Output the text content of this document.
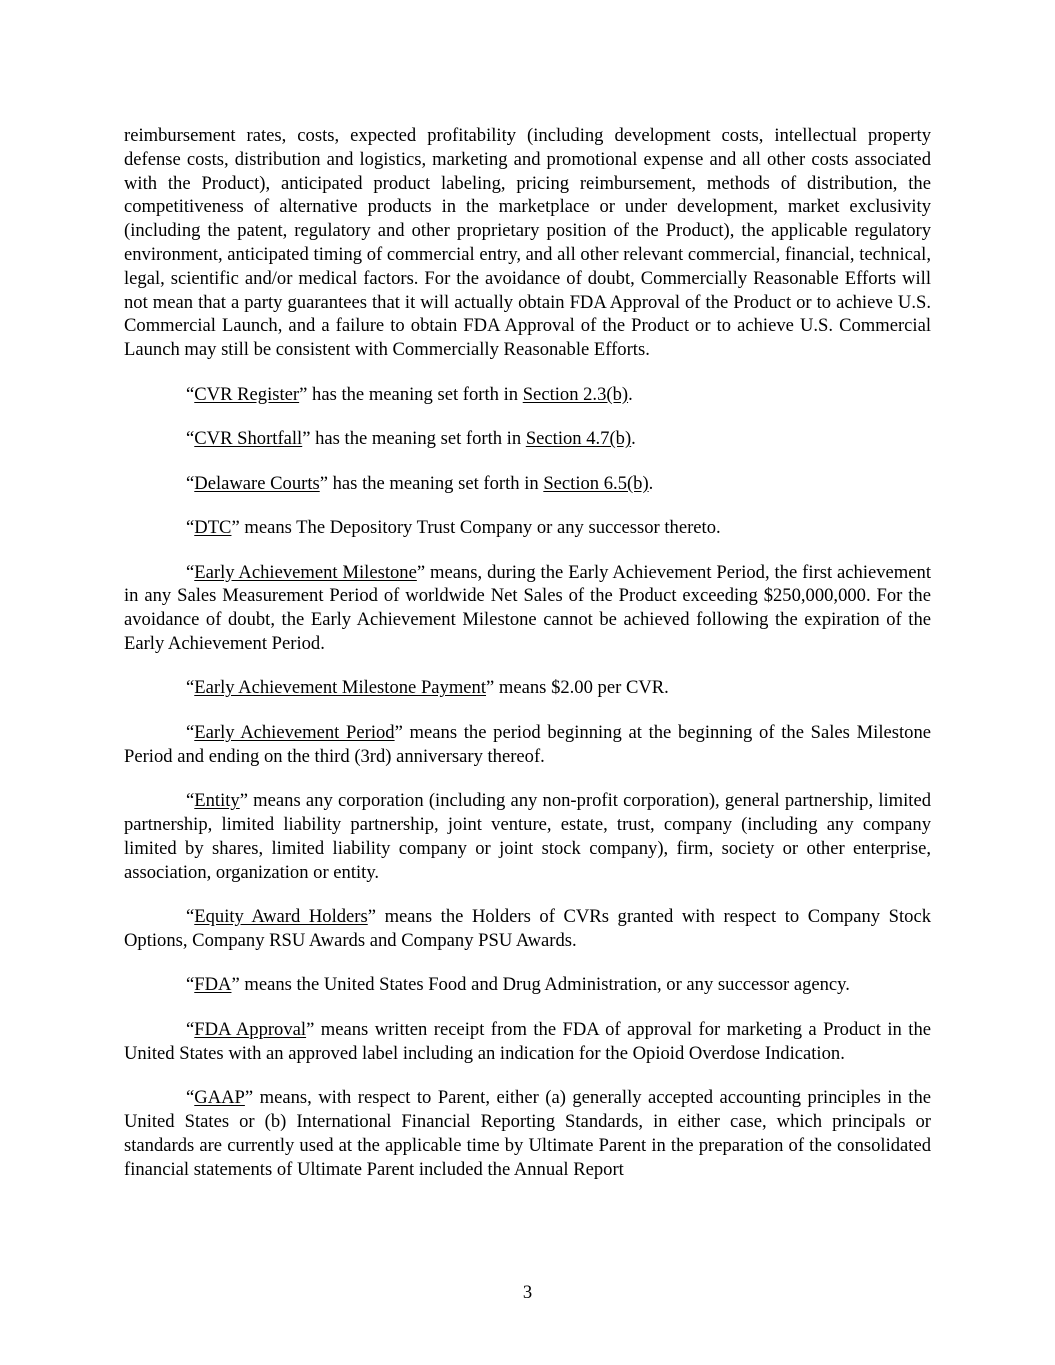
reimbursement rates, costs, expected profitability (including development costs, intellectual property defense costs, distribution and logistics, marketing and promotional expense and all other costs associated with the Product), anticipated product labeling, pricing reimbursement, methods of distribution, the competitiveness of alternative products in the marketplace or under development, market exclusivity (including the patent, regulatory and other proprietary position of the Product), the applicable regulatory environment, anticipated timing of commercial entry, and all other relevant commercial, financial, technical, legal, scientific and/or medical factors. For the avoidance of doubt, Commercially Reasonable Efforts will not mean that a party guarantees that it will actually obtain FDA Approval of the Product or to achieve U.S. Commercial Launch, and a failure to obtain FDA Approval of the Product or to achieve U.S. Commercial Launch may still be consistent with Commercially Reasonable Efforts.

“CVR Register” has the meaning set forth in Section 2.3(b).

“CVR Shortfall” has the meaning set forth in Section 4.7(b).

“Delaware Courts” has the meaning set forth in Section 6.5(b).

“DTC” means The Depository Trust Company or any successor thereto.

“Early Achievement Milestone” means, during the Early Achievement Period, the first achievement in any Sales Measurement Period of worldwide Net Sales of the Product exceeding $250,000,000. For the avoidance of doubt, the Early Achievement Milestone cannot be achieved following the expiration of the Early Achievement Period.

“Early Achievement Milestone Payment” means $2.00 per CVR.

“Early Achievement Period” means the period beginning at the beginning of the Sales Milestone Period and ending on the third (3rd) anniversary thereof.

“Entity” means any corporation (including any non-profit corporation), general partnership, limited partnership, limited liability partnership, joint venture, estate, trust, company (including any company limited by shares, limited liability company or joint stock company), firm, society or other enterprise, association, organization or entity.

“Equity Award Holders” means the Holders of CVRs granted with respect to Company Stock Options, Company RSU Awards and Company PSU Awards.

“FDA” means the United States Food and Drug Administration, or any successor agency.

“FDA Approval” means written receipt from the FDA of approval for marketing a Product in the United States with an approved label including an indication for the Opioid Overdose Indication.

“GAAP” means, with respect to Parent, either (a) generally accepted accounting principles in the United States or (b) International Financial Reporting Standards, in either case, which principals or standards are currently used at the applicable time by Ultimate Parent in the preparation of the consolidated financial statements of Ultimate Parent included the Annual Report

3
